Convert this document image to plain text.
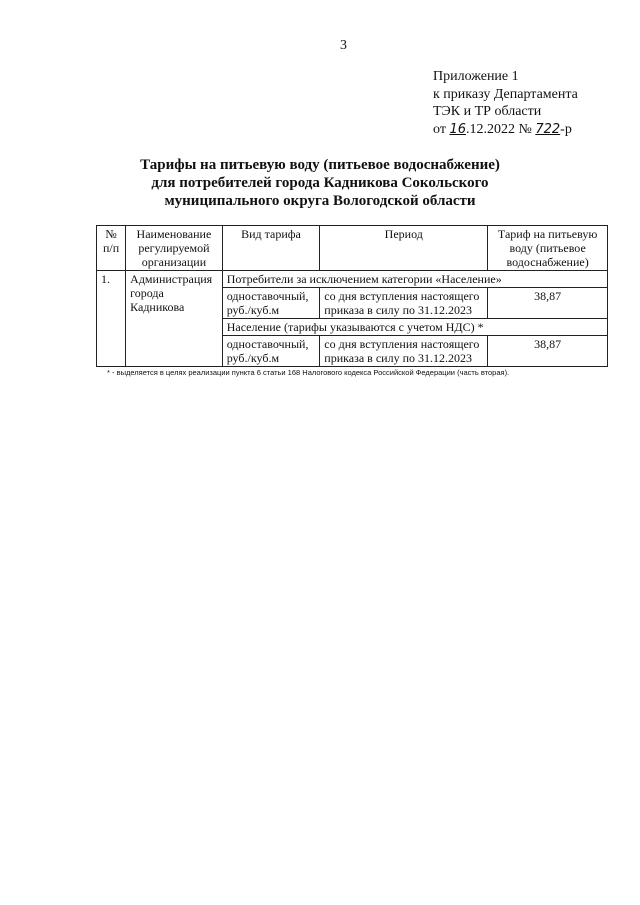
3
Приложение 1
к приказу Департамента
ТЭК и ТР области
от 16.12.2022 № 722-р
Тарифы на питьевую воду (питьевое водоснабжение)
для потребителей города Кадникова Сокольского
муниципального округа Вологодской области
№ п/п	Наименование регулируемой организации	Вид тарифа	Период	Тариф на питьевую воду (питьевое водоснабжение)
1.	Администрация города Кадникова	Потребители за исключением категории «Население»		
		одноставочный, руб./куб.м	со дня вступления настоящего приказа в силу по 31.12.2023	38,87
		Население (тарифы указываются с учетом НДС) *		
		одноставочный, руб./куб.м	со дня вступления настоящего приказа в силу по 31.12.2023	38,87
* - выделяется в целях реализации пункта 6 статьи 168 Налогового кодекса Российской Федерации (часть вторая).
